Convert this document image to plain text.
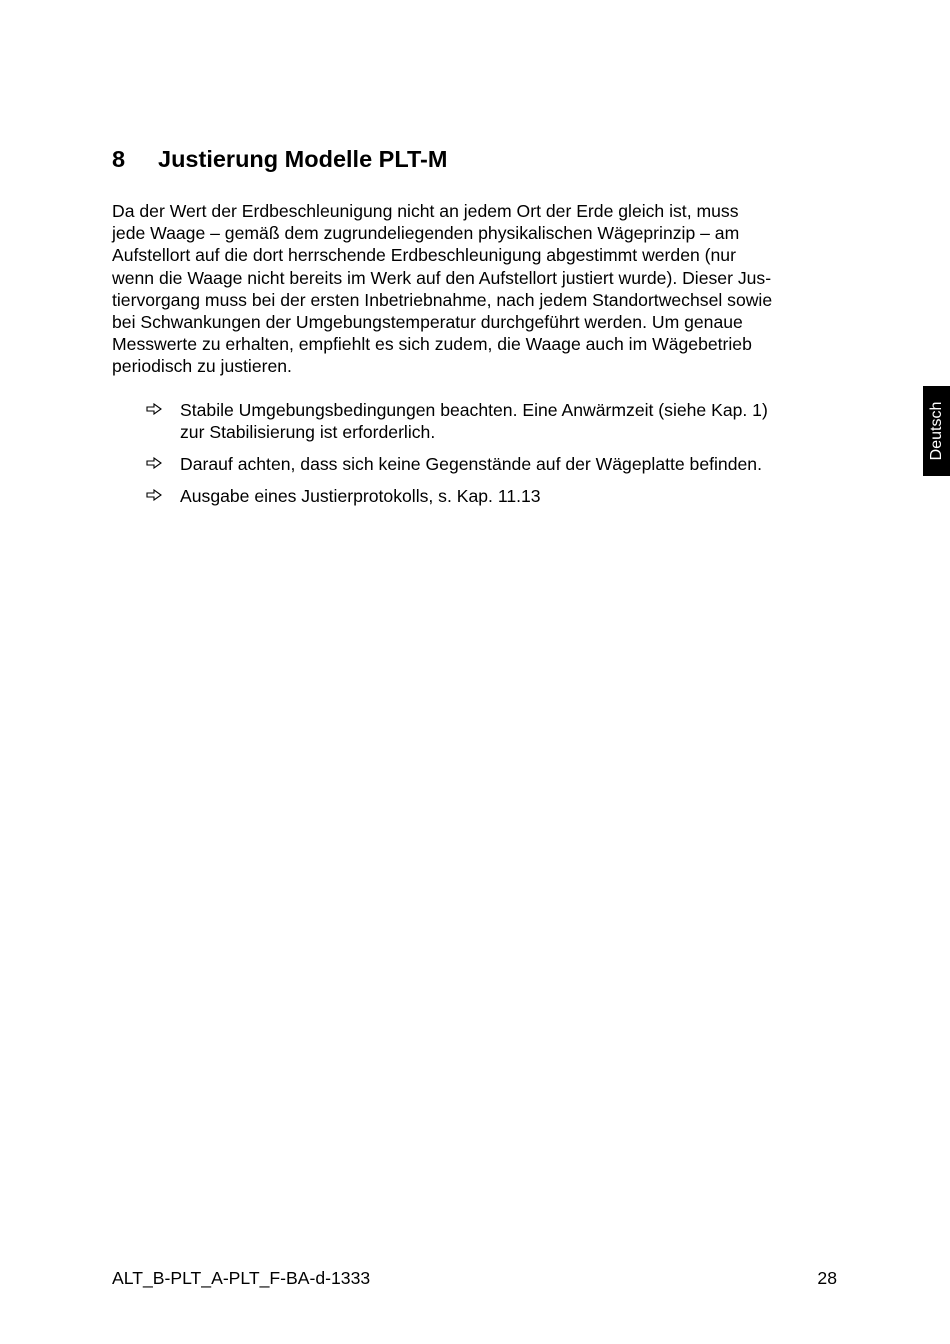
8 Justierung Modelle PLT-M

Da der Wert der Erdbeschleunigung nicht an jedem Ort der Erde gleich ist, muss
jede Waage – gemäß dem zugrundeliegenden physikalischen Wägeprinzip – am
Aufstellort auf die dort herrschende Erdbeschleunigung abgestimmt werden (nur
wenn die Waage nicht bereits im Werk auf den Aufstellort justiert wurde). Dieser Jus-
tiervorgang muss bei der ersten Inbetriebnahme, nach jedem Standortwechsel sowie
bei Schwankungen der Umgebungstemperatur durchgeführt werden. Um genaue
Messwerte zu erhalten, empfiehlt es sich zudem, die Waage auch im Wägebetrieb
periodisch zu justieren.

Stabile Umgebungsbedingungen beachten. Eine Anwärmzeit (siehe Kap. 1)
zur Stabilisierung ist erforderlich.
Darauf achten, dass sich keine Gegenstände auf der Wägeplatte befinden.
Ausgabe eines Justierprotokolls, s. Kap. 11.13
Deutsch
ALT_B-PLT_A-PLT_F-BA-d-1333	28
